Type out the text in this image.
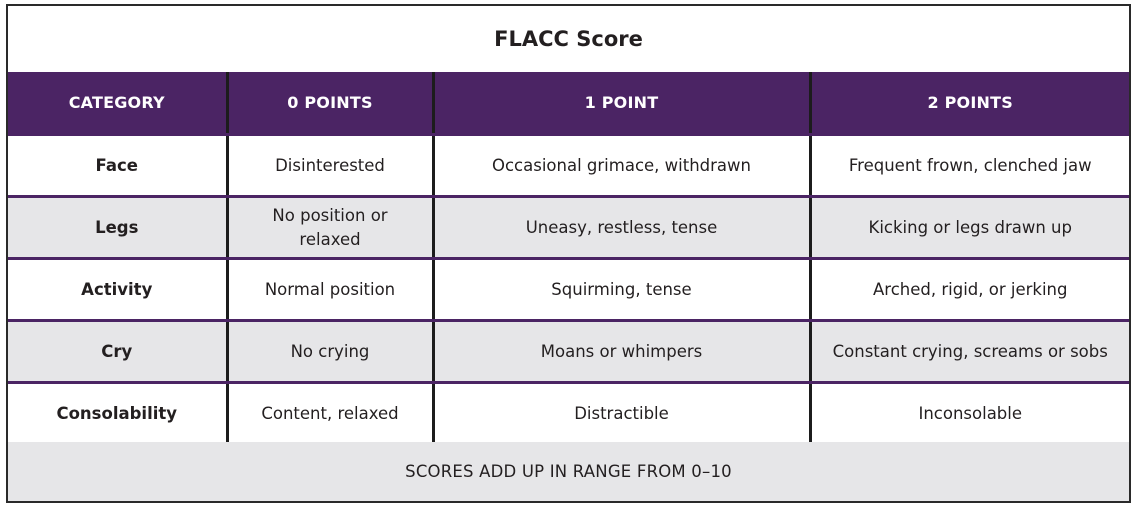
FLACC Score
CATEGORY	0 POINTS	1 POINT	2 POINTS
Face	Disinterested	Occasional grimace, withdrawn	Frequent frown, clenched jaw
Legs	No position or relaxed	Uneasy, restless, tense	Kicking or legs drawn up
Activity	Normal position	Squirming, tense	Arched, rigid, or jerking
Cry	No crying	Moans or whimpers	Constant crying, screams or sobs
Consolability	Content, relaxed	Distractible	Inconsolable
SCORES ADD UP IN RANGE FROM 0–10
